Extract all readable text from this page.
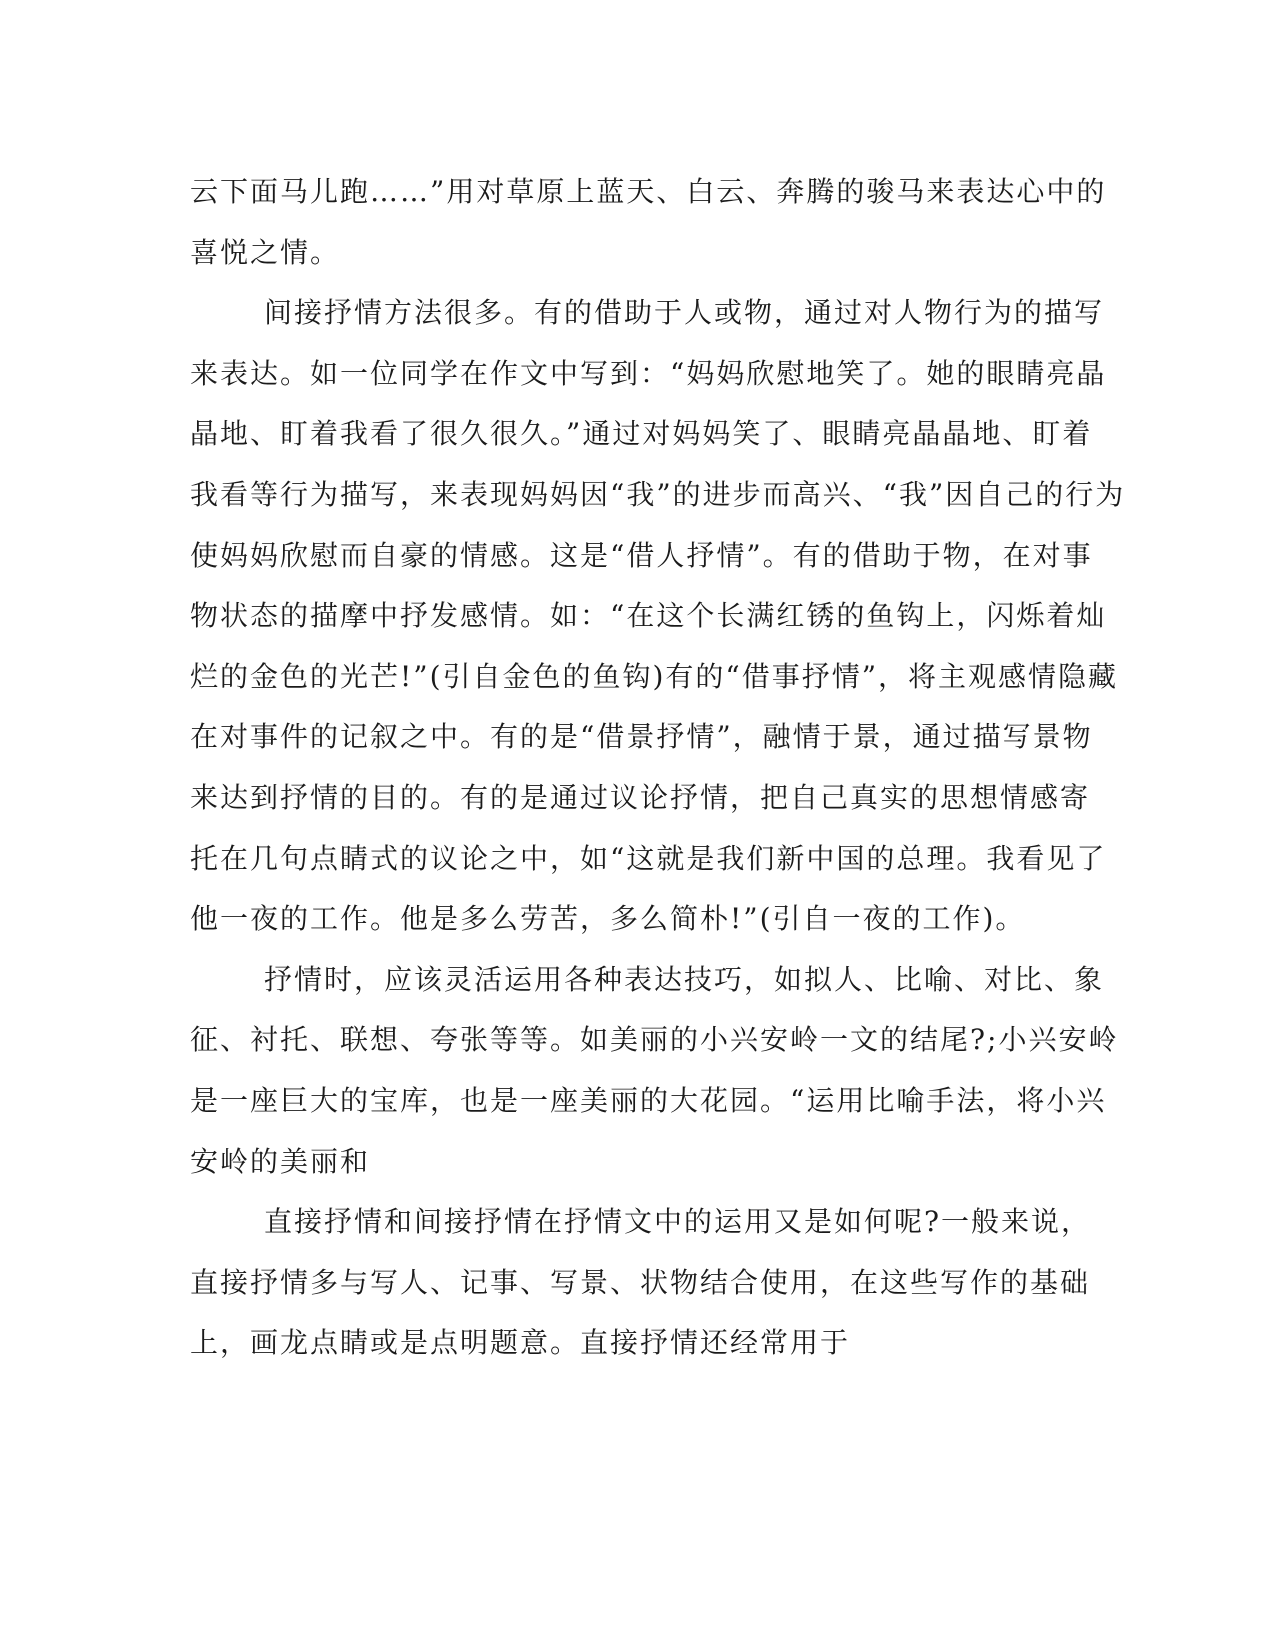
云下面马儿跑……”用对草原上蓝天、白云、奔腾的骏马来表达心中的
喜悦之情。
间接抒情方法很多。有的借助于人或物，通过对人物行为的描写
来表达。如一位同学在作文中写到：“妈妈欣慰地笑了。她的眼睛亮晶
晶地、盯着我看了很久很久。”通过对妈妈笑了、眼睛亮晶晶地、盯着
我看等行为描写，来表现妈妈因“我”的进步而高兴、“我”因自己的行为
使妈妈欣慰而自豪的情感。这是“借人抒情”。有的借助于物，在对事
物状态的描摩中抒发感情。如：“在这个长满红锈的鱼钩上，闪烁着灿
烂的金色的光芒!”(引自金色的鱼钩)有的“借事抒情”，将主观感情隐藏
在对事件的记叙之中。有的是“借景抒情”，融情于景，通过描写景物
来达到抒情的目的。有的是通过议论抒情，把自己真实的思想情感寄
托在几句点睛式的议论之中，如“这就是我们新中国的总理。我看见了
他一夜的工作。他是多么劳苦，多么简朴!”(引自一夜的工作)。
抒情时，应该灵活运用各种表达技巧，如拟人、比喻、对比、象
征、衬托、联想、夸张等等。如美丽的小兴安岭一文的结尾?;小兴安岭
是一座巨大的宝库，也是一座美丽的大花园。“运用比喻手法，将小兴
安岭的美丽和
直接抒情和间接抒情在抒情文中的运用又是如何呢?一般来说，
直接抒情多与写人、记事、写景、状物结合使用，在这些写作的基础
上，画龙点睛或是点明题意。直接抒情还经常用于
